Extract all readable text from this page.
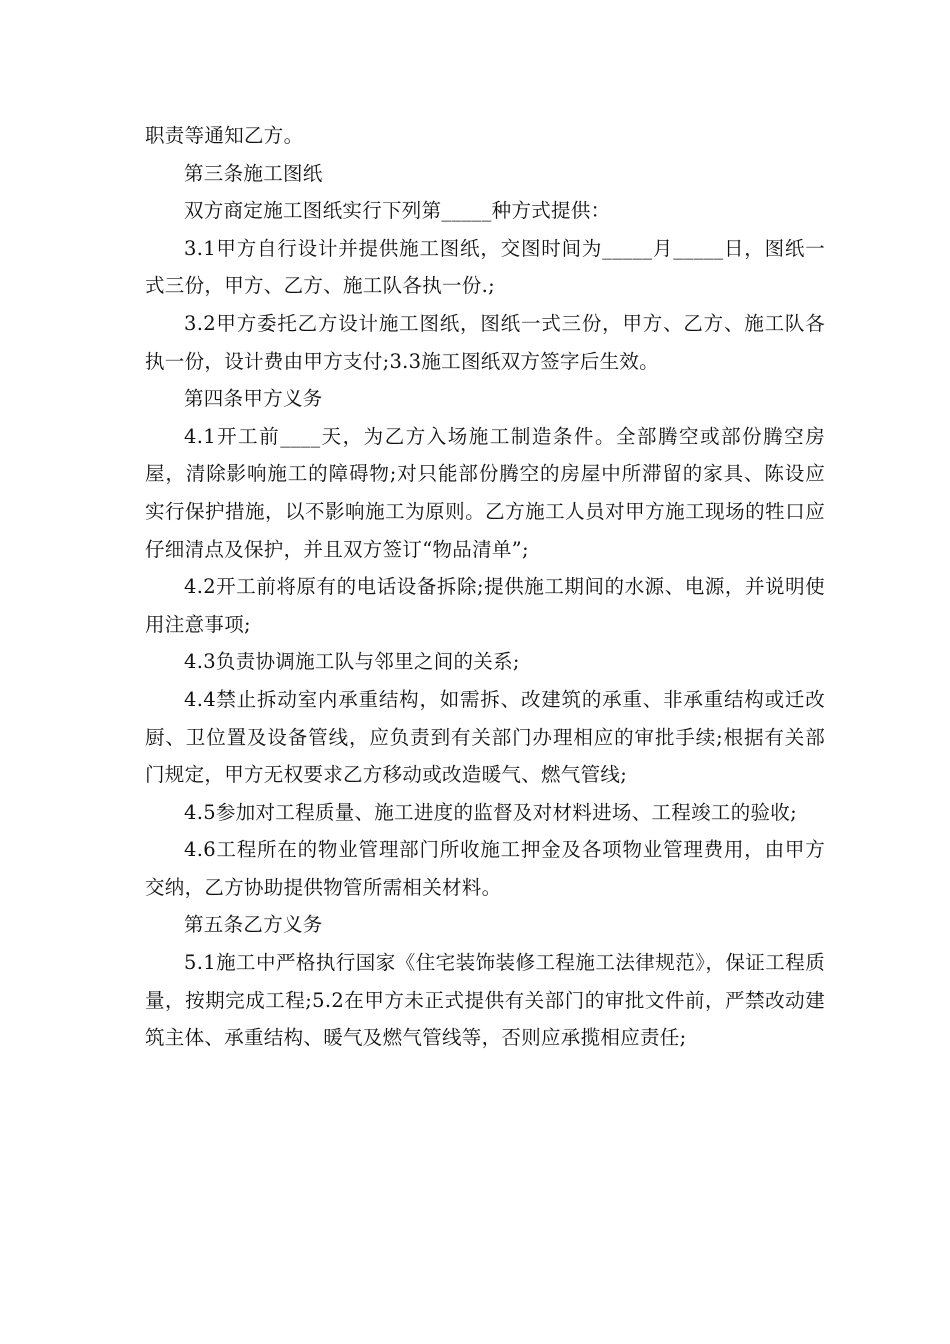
职责等通知乙方。

第三条施工图纸

双方商定施工图纸实行下列第_____种方式提供：

3.1甲方自行设计并提供施工图纸，交图时间为_____月_____日，图纸一式三份，甲方、乙方、施工队各执一份.;

3.2甲方委托乙方设计施工图纸，图纸一式三份，甲方、乙方、施工队各执一份，设计费由甲方支付;3.3施工图纸双方签字后生效。

第四条甲方义务

4.1开工前____天，为乙方入场施工制造条件。全部腾空或部份腾空房屋，清除影响施工的障碍物;对只能部份腾空的房屋中所滞留的家具、陈设应实行保护措施，以不影响施工为原则。乙方施工人员对甲方施工现场的牲口应仔细清点及保护，并且双方签订“物品清单”;

4.2开工前将原有的电话设备拆除;提供施工期间的水源、电源，并说明使用注意事项;

4.3负责协调施工队与邻里之间的关系;

4.4禁止拆动室内承重结构，如需拆、改建筑的承重、非承重结构或迁改厨、卫位置及设备管线，应负责到有关部门办理相应的审批手续;根据有关部门规定，甲方无权要求乙方移动或改造暖气、燃气管线;

4.5参加对工程质量、施工进度的监督及对材料进场、工程竣工的验收;

4.6工程所在的物业管理部门所收施工押金及各项物业管理费用，由甲方交纳，乙方协助提供物管所需相关材料。

第五条乙方义务

5.1施工中严格执行国家《住宅装饰装修工程施工法律规范》，保证工程质量，按期完成工程;5.2在甲方未正式提供有关部门的审批文件前，严禁改动建筑主体、承重结构、暖气及燃气管线等，否则应承揽相应责任;
